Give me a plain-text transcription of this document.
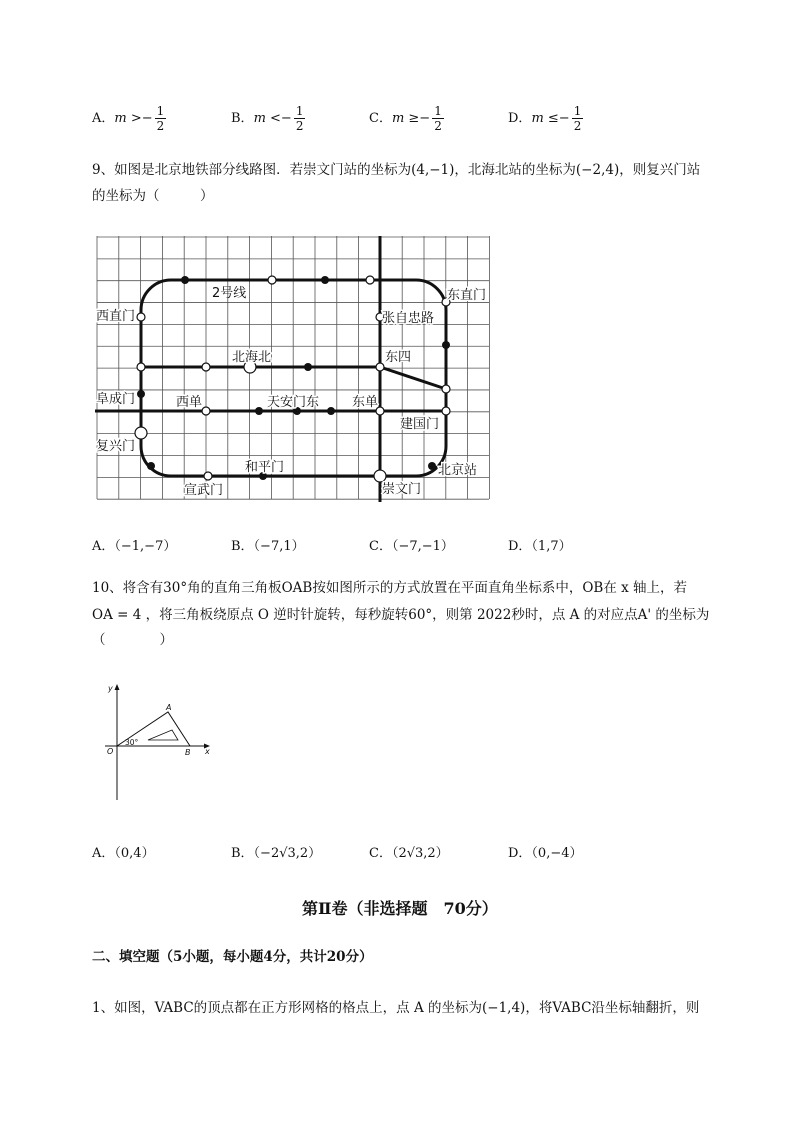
A．$m >- \frac{1}{2}$	B．$m <- \frac{1}{2}$	C．$m \ge- \frac{1}{2}$	D．$m \le- \frac{1}{2}$
9、如图是北京地铁部分线路图．若崇文门站的坐标为(4,−1)，北海北站的坐标为(−2,4)，则复兴门站
的坐标为（　　　）
2号线
西直门
东直门
张自忠路
北海北	东四
阜成门	西单	天安门东	东单
建国门
复兴门
和平门	北京站
宣武门	崇文门
A．（−1,−7）	B．（−7,1）	C．（−7,−1）	D．（1,7）
10、将含有30°角的直角三角板OAB按如图所示的方式放置在平面直角坐标系中，OB在 x 轴上，若
OA = 4 ，将三角板绕原点 O 逆时针旋转，每秒旋转60°，则第 2022秒时，点 A 的对应点A' 的坐标为
（　　　　）
y
x
O
A
B
30°
A．（0,4）	B．（−2√3,2）	C．（2√3,2）	D．（0,−4）
第Ⅱ卷（非选择题　70分）
二、填空题（5小题，每小题4分，共计20分）
1、如图，VABC的顶点都在正方形网格的格点上，点 A 的坐标为(−1,4)，将VABC沿坐标轴翻折，则
